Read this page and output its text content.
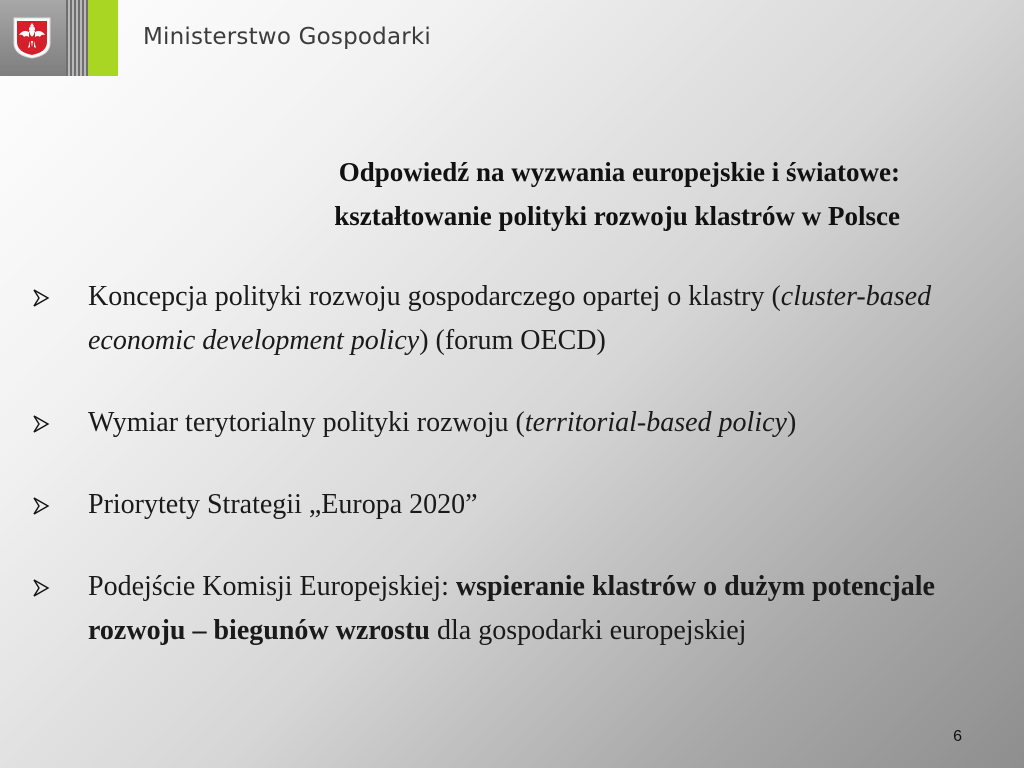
Ministerstwo Gospodarki
Odpowiedź na wyzwania europejskie i światowe:
kształtowanie polityki rozwoju klastrów w Polsce
Koncepcja polityki rozwoju gospodarczego opartej o klastry (cluster-based economic development policy) (forum OECD)
Wymiar terytorialny polityki rozwoju (territorial-based policy)
Priorytety Strategii „Europa 2020”
Podejście Komisji Europejskiej: wspieranie klastrów o dużym potencjale rozwoju – biegunów wzrostu dla gospodarki europejskiej
6
